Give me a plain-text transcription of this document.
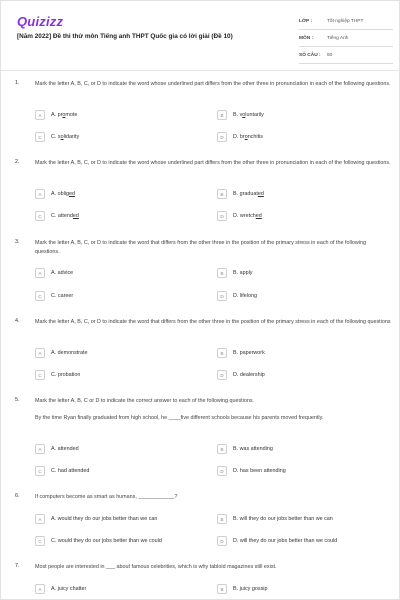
Quizizz
[Năm 2022] Đề thi thử môn Tiếng anh THPT Quốc gia có lời giải (Đề 10)
LỚP :	Tốt nghiệp THPT
MÔN :	Tiếng Anh
SỐ CÂU :	50
1.	Mark the letter A, B, C, or D to indicate the word whose underlined part differs from the other three in pronunciation in each of the following questions.
A	A. pr o mote	B	B. v o luntarily
C	C. s o lidarity	D	D. br o nchitis
2.	Mark the letter A, B, C, or D to indicate the word whose underlined part differs from the other three in pronunciation in each of the following questions.
A	A. oblig ed	B	B. graduat ed
C	C. attend ed	D	D. wretch ed
3.	Mark the letter A, B, C, or D to indicate the word that differs from the other three in the position of the primary stress in each of the following questions.
A	A. advice	B	B. apply
C	C. career	D	D. lifelong
4.	Mark the letter A, B, C, or D to indicate the word that differs from the other three in the position of the primary stress in each of the following questions
A	A. demonstrate	B	B. paperwork
C	C. probation	D	D. dealership
5.	Mark the letter A, B, C or D to indicate the correct answer to each of the following questions.
By the time Ryan finally graduated from high school, he ____five different schools because his parents moved frequently.
A	A. attended	B	B. was attending
C	C. had attended	D	D. has been attending
6.	If computers become as smart as humans, ____________?
A	A. would they do our jobs better than we can	B	B. will they do our jobs better than we can
C	C. would they do our jobs better than we could	D	D. will they do our jobs better than we could
7.	Most people are interested in ___ about famous celebrities, which is why tabloid magazines still exist.
A	A. juicy chatter	B	B. juicy gossip
